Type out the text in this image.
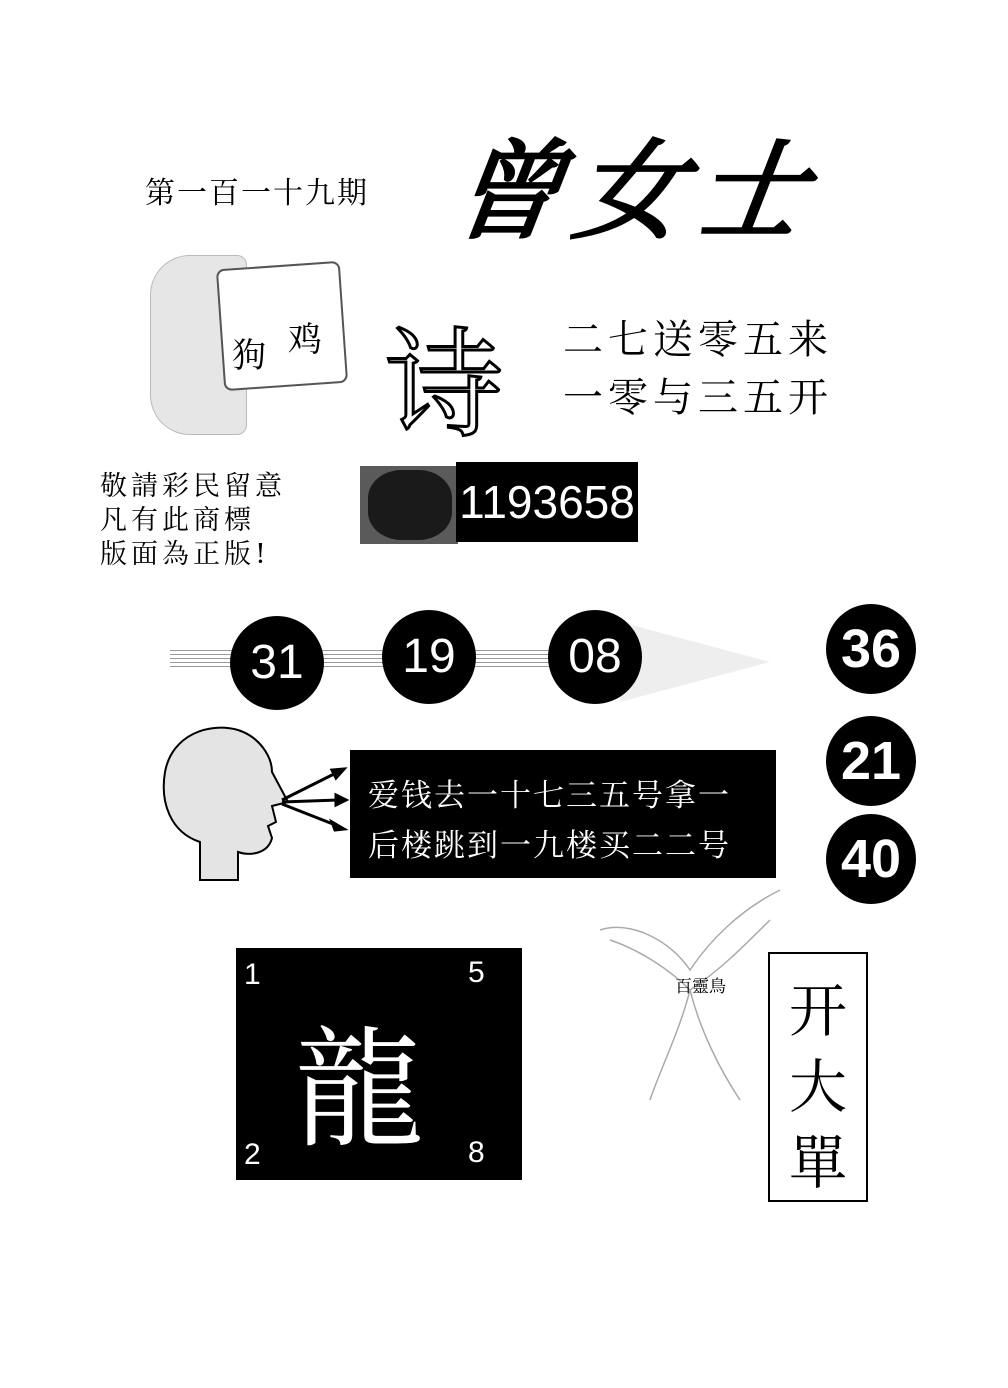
第一百一十九期 曾女士
狗 鸡 诗 二七送零五来
一零与三五开
敬請彩民留意
凡有此商標
版面為正版!
1193658
31	19	08	36
21
40
爱钱去一十七三五号拿一
后楼跳到一九楼买二二号
1	5
2	8
龍
百靈鳥	开
大
單
